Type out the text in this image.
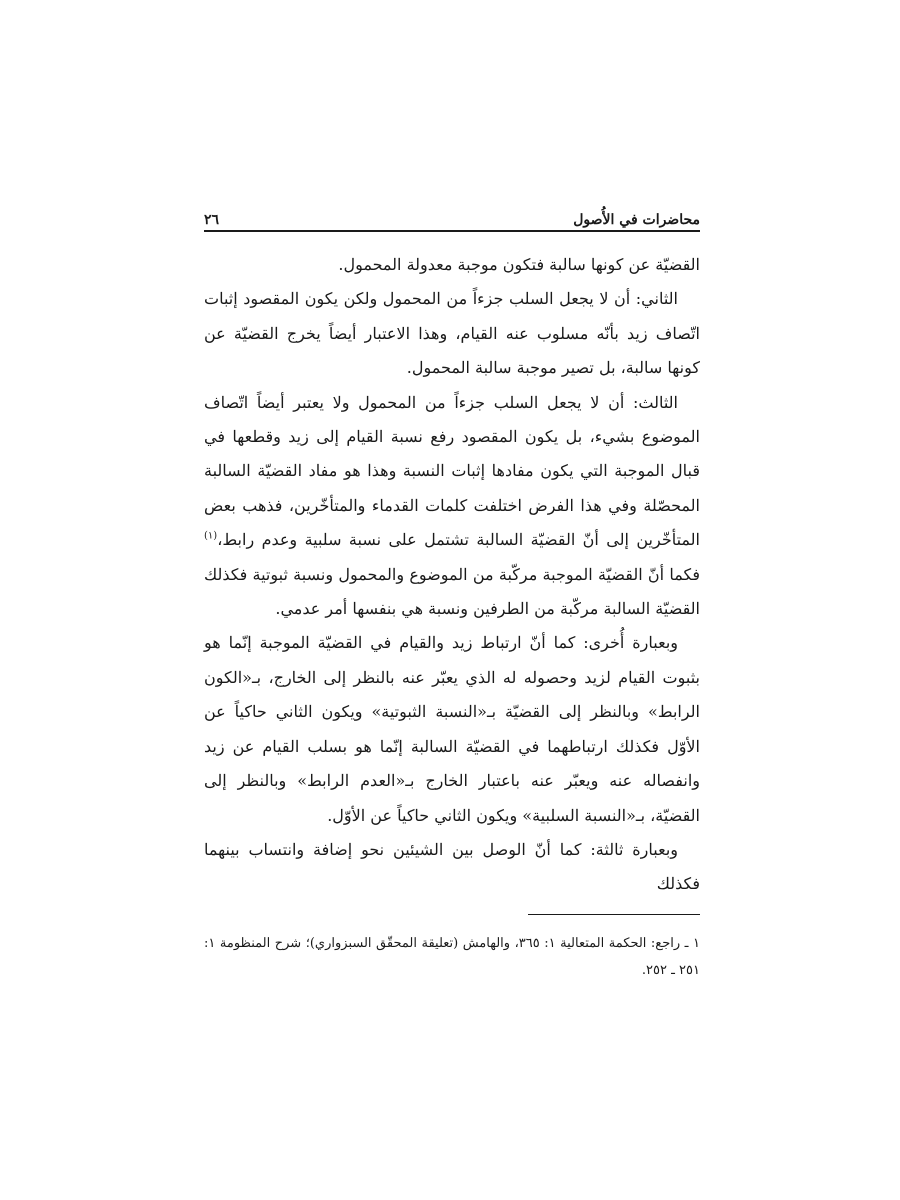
محاضرات في الأُصول
٢٦

القضيّة عن كونها سالبة فتكون موجبة معدولة المحمول.

الثاني: أن لا يجعل السلب جزءاً من المحمول ولكن يكون المقصود إثبات اتّصاف زيد بأنّه مسلوب عنه القيام، وهذا الاعتبار أيضاً يخرج القضيّة عن كونها سالبة، بل تصير موجبة سالبة المحمول.

الثالث: أن لا يجعل السلب جزءاً من المحمول ولا يعتبر أيضاً اتّصاف الموضوع بشيء، بل يكون المقصود رفع نسبة القيام إلى زيد وقطعها في قبال الموجبة التي يكون مفادها إثبات النسبة وهذا هو مفاد القضيّة السالبة المحصّلة وفي هذا الفرض اختلفت كلمات القدماء والمتأخّرين، فذهب بعض المتأخّرين إلى أنّ القضيّة السالبة تشتمل على نسبة سلبية وعدم رابط،$^{(١)}$ فكما أنّ القضيّة الموجبة مركّبة من الموضوع والمحمول ونسبة ثبوتية فكذلك القضيّة السالبة مركّبة من الطرفين ونسبة هي بنفسها أمر عدمي.

وبعبارة أُخرى: كما أنّ ارتباط زيد والقيام في القضيّة الموجبة إنّما هو بثبوت القيام لزيد وحصوله له الذي يعبّر عنه بالنظر إلى الخارج، بـ«الكون الرابط» وبالنظر إلى القضيّة بـ«النسبة الثبوتية» ويكون الثاني حاكياً عن الأوّل فكذلك ارتباطهما في القضيّة السالبة إنّما هو بسلب القيام عن زيد وانفصاله عنه ويعبّر عنه باعتبار الخارج بـ«العدم الرابط» وبالنظر إلى القضيّة، بـ«النسبة السلبية» ويكون الثاني حاكياً عن الأوّل.

وبعبارة ثالثة: كما أنّ الوصل بين الشيئين نحو إضافة وانتساب بينهما فكذلك

١ ـ راجع: الحكمة المتعالية ١: ٣٦٥، والهامش (تعليقة المحقّق السبزواري)؛ شرح المنظومة ١: ٢٥١ ـ ٢٥٢.
